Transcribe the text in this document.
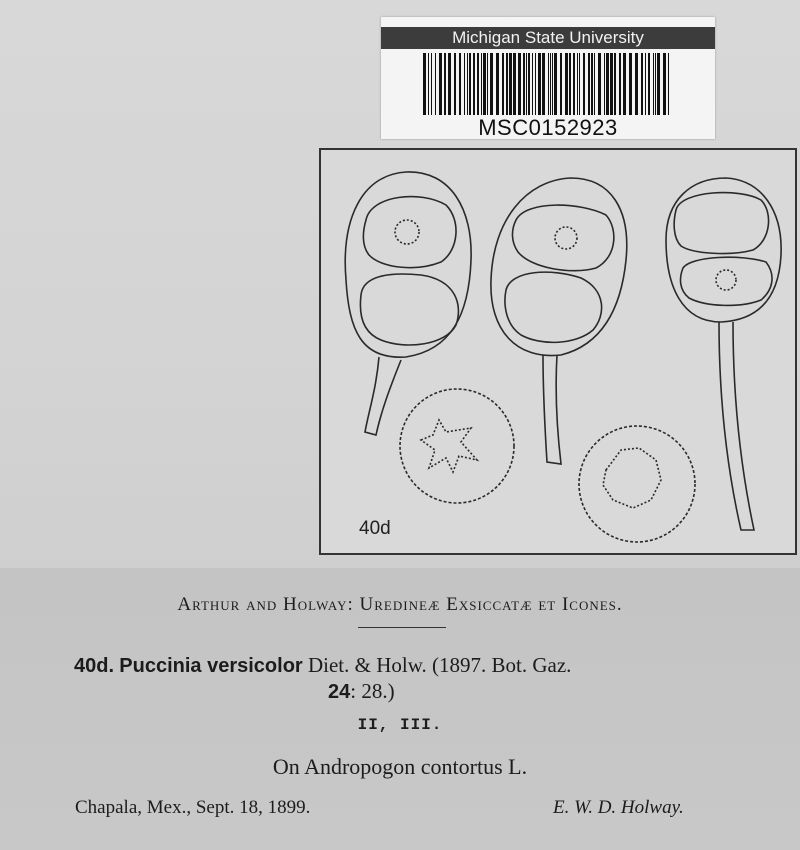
Michigan State University
MSC0152923
40d
Arthur and Holway: Uredineæ Exsiccatæ et Icones.
40d. Puccinia versicolor Diet. & Holw. (1897. Bot. Gaz.
24: 28.)
II, III.
On Andropogon contortus L.
Chapala, Mex., Sept. 18, 1899.	E. W. D. Holway.
